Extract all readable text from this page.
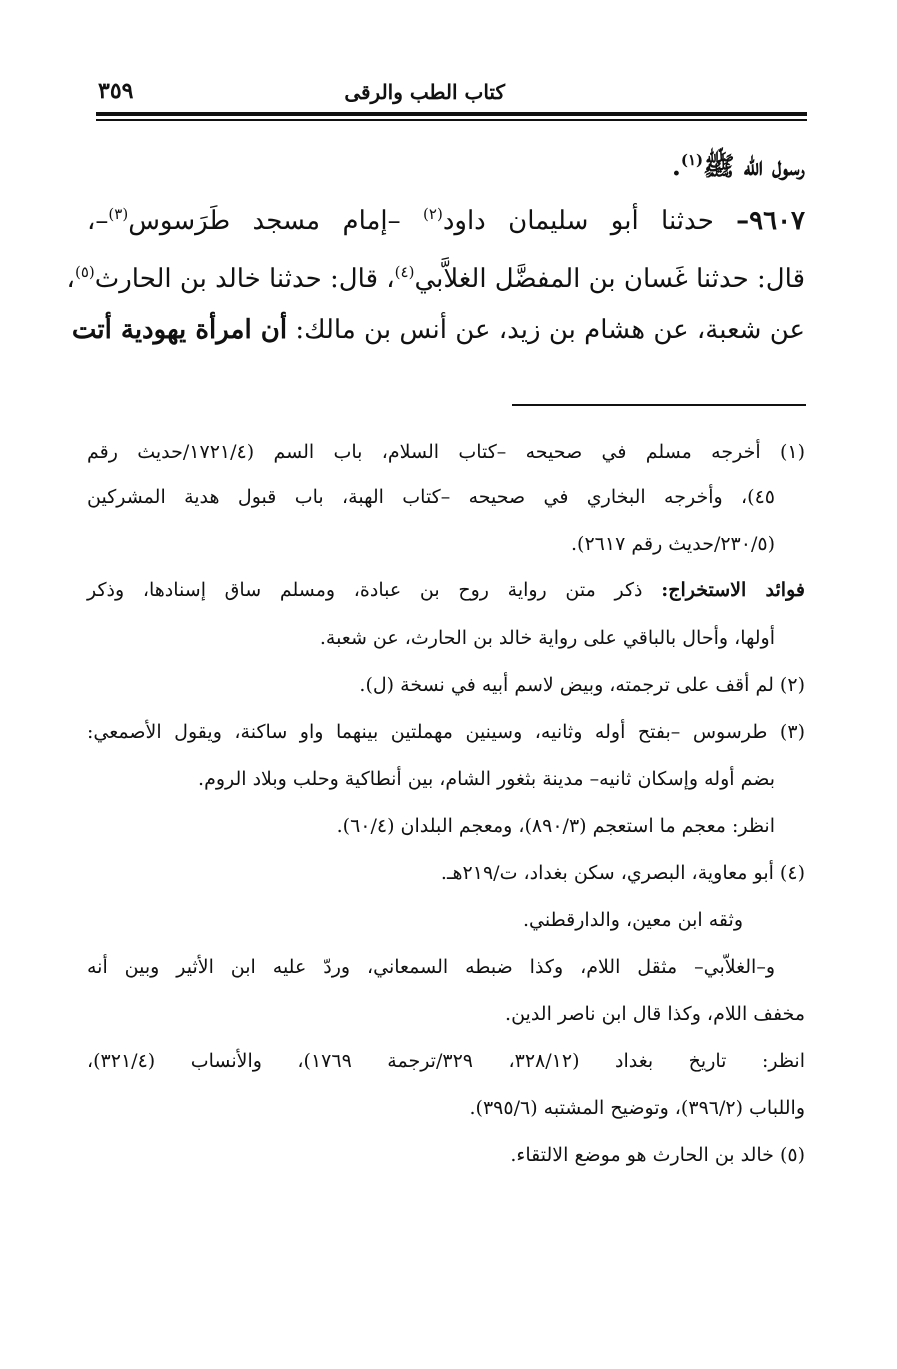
كتاب الطب والرقى
٣٥٩
رسول الله ﷺ$^{(١)}$.
٩٦٠٧– حدثنا أبو سليمان داود$^{(٢)}$ –إمام مسجد طَرَسوس$^{(٣)}$–،
قال: حدثنا غَسان بن المفضَّل الغلاَّبي$^{(٤)}$، قال: حدثنا خالد بن الحارث$^{(٥)}$،
عن شعبة، عن هشام بن زيد، عن أنس بن مالك: أن امرأة يهودية أتت
(١) أخرجه مسلم في صحيحه –كتاب السلام، باب السم (١٧٢١/٤/حديث رقم
٤٥)، وأخرجه البخاري في صحيحه –كتاب الهبة، باب قبول هدية المشركين
(٢٣٠/٥/حديث رقم ٢٦١٧).
فوائد الاستخراج: ذكر متن رواية روح بن عبادة، ومسلم ساق إسنادها، وذكر
أولها، وأحال بالباقي على رواية خالد بن الحارث، عن شعبة.
(٢) لم أقف على ترجمته، وبيض لاسم أبيه في نسخة (ل).
(٣) طرسوس –بفتح أوله وثانيه، وسينين مهملتين بينهما واو ساكنة، ويقول الأصمعي:
بضم أوله وإسكان ثانيه– مدينة بثغور الشام، بين أنطاكية وحلب وبلاد الروم.
انظر: معجم ما استعجم (٨٩٠/٣)، ومعجم البلدان (٦٠/٤).
(٤) أبو معاوية، البصري، سكن بغداد، ت/٢١٩هـ.
وثقه ابن معين، والدارقطني.
و–الغلاّبي– مثقل اللام، وكذا ضبطه السمعاني، وردّ عليه ابن الأثير وبين أنه
مخفف اللام، وكذا قال ابن ناصر الدين.
انظر: تاريخ بغداد (٣٢٨/١٢، ٣٢٩/ترجمة ١٧٦٩)، والأنساب (٣٢١/٤)،
واللباب (٣٩٦/٢)، وتوضيح المشتبه (٣٩٥/٦).
(٥) خالد بن الحارث هو موضع الالتقاء.
